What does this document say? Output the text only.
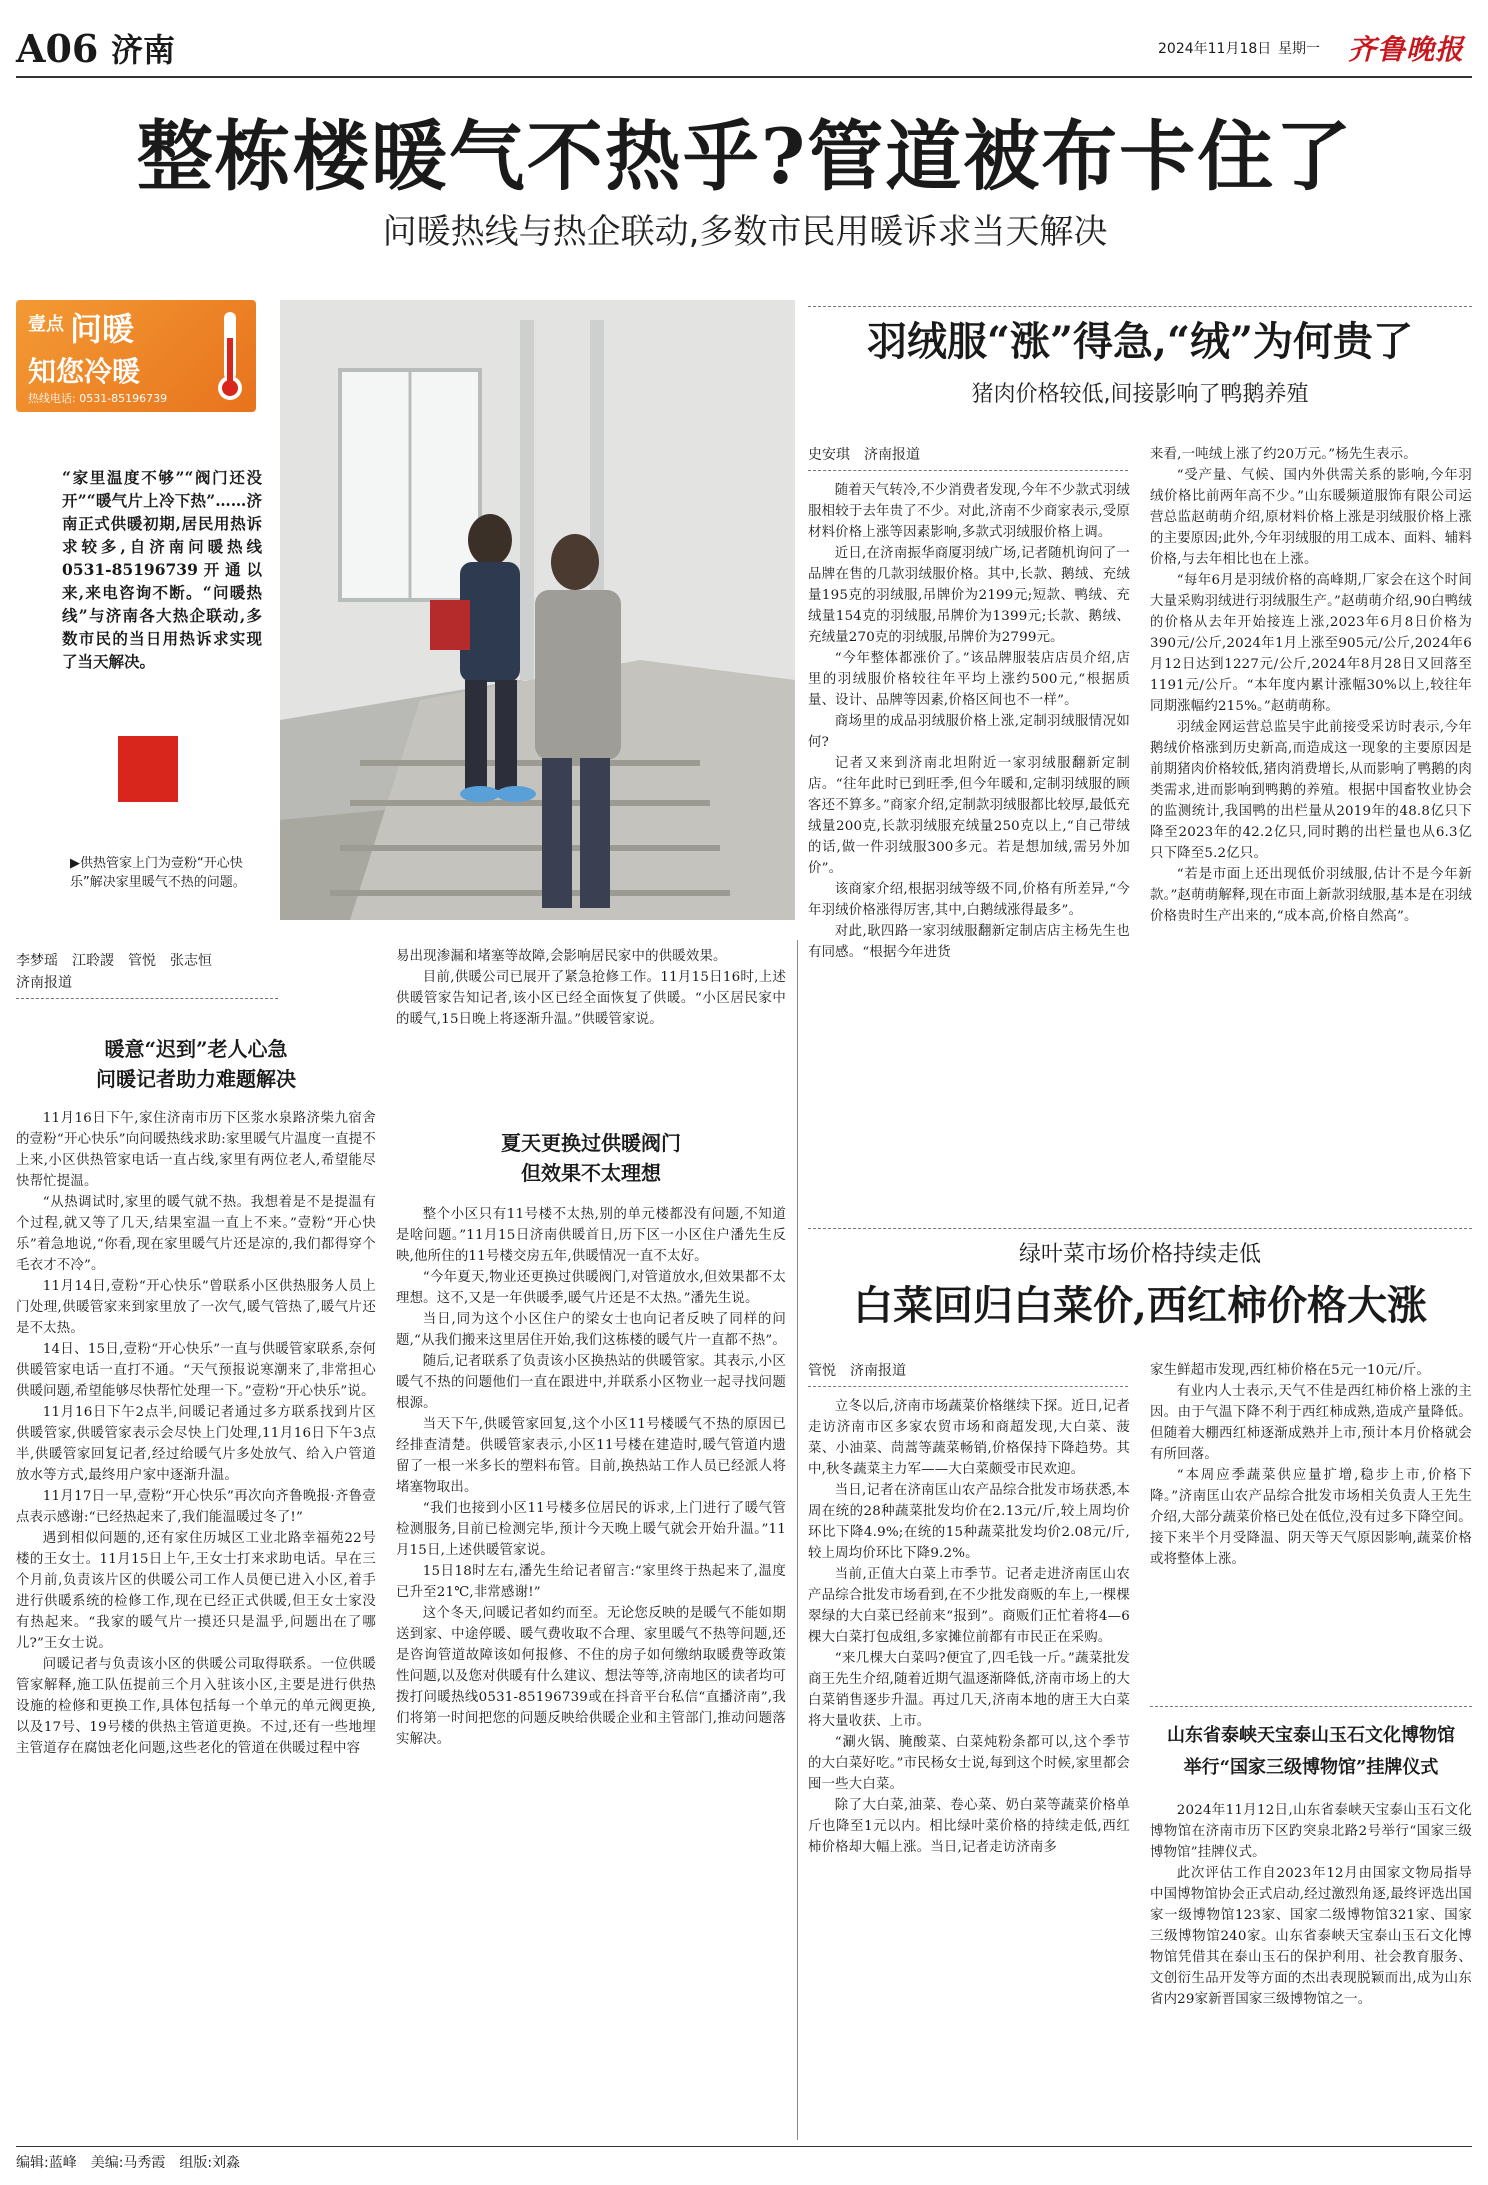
A06 济南	2024年11月18日 星期一 齐鲁晚报
整栋楼暖气不热乎?管道被布卡住了
问暖热线与热企联动,多数市民用暖诉求当天解决
壹点 问暖
知您冷暖
热线电话: 0531-85196739

“家里温度不够”“阀门还没开”“暖气片上冷下热”……济南正式供暖初期,居民用热诉求较多,自济南问暖热线0531-85196739开通以来,来电咨询不断。“问暖热线”与济南各大热企联动,多数市民的当日用热诉求实现了当天解决。

▶供热管家上门为壹粉“开心快乐”解决家里暖气不热的问题。

李梦瑶　江聆謖　管悦　张志恒
济南报道
暖意“迟到”老人心急
问暖记者助力难题解决

11月16日下午,家住济南市历下区浆水泉路济柴九宿舍的壹粉“开心快乐”向问暖热线求助:家里暖气片温度一直提不上来,小区供热管家电话一直占线,家里有两位老人,希望能尽快帮忙提温。

“从热调试时,家里的暖气就不热。我想着是不是提温有个过程,就又等了几天,结果室温一直上不来。”壹粉“开心快乐”着急地说,“你看,现在家里暖气片还是凉的,我们都得穿个毛衣才不冷”。

11月14日,壹粉“开心快乐”曾联系小区供热服务人员上门处理,供暖管家来到家里放了一次气,暖气管热了,暖气片还是不太热。

14日、15日,壹粉“开心快乐”一直与供暖管家联系,奈何供暖管家电话一直打不通。“天气预报说寒潮来了,非常担心供暖问题,希望能够尽快帮忙处理一下。”壹粉“开心快乐”说。

11月16日下午2点半,问暖记者通过多方联系找到片区供暖管家,供暖管家表示会尽快上门处理,11月16日下午3点半,供暖管家回复记者,经过给暖气片多处放气、给入户管道放水等方式,最终用户家中逐渐升温。

11月17日一早,壹粉“开心快乐”再次向齐鲁晚报·齐鲁壹点表示感谢:“已经热起来了,我们能温暖过冬了!”

遇到相似问题的,还有家住历城区工业北路幸福苑22号楼的王女士。11月15日上午,王女士打来求助电话。早在三个月前,负责该片区的供暖公司工作人员便已进入小区,着手进行供暖系统的检修工作,现在已经正式供暖,但王女士家没有热起来。“我家的暖气片一摸还只是温乎,问题出在了哪儿?”王女士说。

问暖记者与负责该小区的供暖公司取得联系。一位供暖管家解释,施工队伍提前三个月入驻该小区,主要是进行供热设施的检修和更换工作,具体包括每一个单元的单元阀更换,以及17号、19号楼的供热主管道更换。不过,还有一些地埋主管道存在腐蚀老化问题,这些老化的管道在供暖过程中容

易出现渗漏和堵塞等故障,会影响居民家中的供暖效果。

目前,供暖公司已展开了紧急抢修工作。11月15日16时,上述供暖管家告知记者,该小区已经全面恢复了供暖。“小区居民家中的暖气,15日晚上将逐渐升温。”供暖管家说。

夏天更换过供暖阀门
但效果不太理想

整个小区只有11号楼不太热,别的单元楼都没有问题,不知道是啥问题。”11月15日济南供暖首日,历下区一小区住户潘先生反映,他所住的11号楼交房五年,供暖情况一直不太好。

“今年夏天,物业还更换过供暖阀门,对管道放水,但效果都不太理想。这不,又是一年供暖季,暖气片还是不太热。”潘先生说。

当日,同为这个小区住户的梁女士也向记者反映了同样的问题,“从我们搬来这里居住开始,我们这栋楼的暖气片一直都不热”。

随后,记者联系了负责该小区换热站的供暖管家。其表示,小区暖气不热的问题他们一直在跟进中,并联系小区物业一起寻找问题根源。

当天下午,供暖管家回复,这个小区11号楼暖气不热的原因已经排查清楚。供暖管家表示,小区11号楼在建造时,暖气管道内遗留了一根一米多长的塑料布管。目前,换热站工作人员已经派人将堵塞物取出。

“我们也接到小区11号楼多位居民的诉求,上门进行了暖气管检测服务,目前已检测完毕,预计今天晚上暖气就会开始升温。”11月15日,上述供暖管家说。

15日18时左右,潘先生给记者留言:“家里终于热起来了,温度已升至21℃,非常感谢!”

这个冬天,问暖记者如约而至。无论您反映的是暖气不能如期送到家、中途停暖、暖气费收取不合理、家里暖气不热等问题,还是咨询管道故障该如何报修、不住的房子如何缴纳取暖费等政策性问题,以及您对供暖有什么建议、想法等等,济南地区的读者均可拨打问暖热线0531-85196739或在抖音平台私信“直播济南”,我们将第一时间把您的问题反映给供暖企业和主管部门,推动问题落实解决。

羽绒服“涨”得急,“绒”为何贵了
猪肉价格较低,间接影响了鸭鹅养殖
史安琪　济南报道

随着天气转冷,不少消费者发现,今年不少款式羽绒服相较于去年贵了不少。对此,济南不少商家表示,受原材料价格上涨等因素影响,多款式羽绒服价格上调。

近日,在济南振华商厦羽绒广场,记者随机询问了一品牌在售的几款羽绒服价格。其中,长款、鹅绒、充绒量195克的羽绒服,吊牌价为2199元;短款、鸭绒、充绒量154克的羽绒服,吊牌价为1399元;长款、鹅绒、充绒量270克的羽绒服,吊牌价为2799元。

“今年整体都涨价了。”该品牌服装店店员介绍,店里的羽绒服价格较往年平均上涨约500元,“根据质量、设计、品牌等因素,价格区间也不一样”。

商场里的成品羽绒服价格上涨,定制羽绒服情况如何?

记者又来到济南北坦附近一家羽绒服翻新定制店。“往年此时已到旺季,但今年暖和,定制羽绒服的顾客还不算多。”商家介绍,定制款羽绒服都比较厚,最低充绒量200克,长款羽绒服充绒量250克以上,“自己带绒的话,做一件羽绒服300多元。若是想加绒,需另外加价”。

该商家介绍,根据羽绒等级不同,价格有所差异,“今年羽绒价格涨得厉害,其中,白鹅绒涨得最多”。

对此,耿四路一家羽绒服翻新定制店店主杨先生也有同感。“根据今年进货

来看,一吨绒上涨了约20万元。”杨先生表示。

“受产量、气候、国内外供需关系的影响,今年羽绒价格比前两年高不少。”山东暖频道服饰有限公司运营总监赵萌萌介绍,原材料价格上涨是羽绒服价格上涨的主要原因;此外,今年羽绒服的用工成本、面料、辅料价格,与去年相比也在上涨。

“每年6月是羽绒价格的高峰期,厂家会在这个时间大量采购羽绒进行羽绒服生产。”赵萌萌介绍,90白鸭绒的价格从去年开始接连上涨,2023年6月8日价格为390元/公斤,2024年1月上涨至905元/公斤,2024年6月12日达到1227元/公斤,2024年8月28日又回落至1191元/公斤。“本年度内累计涨幅30%以上,较往年同期涨幅约215%。”赵萌萌称。

羽绒金网运营总监吴宇此前接受采访时表示,今年鹅绒价格涨到历史新高,而造成这一现象的主要原因是前期猪肉价格较低,猪肉消费增长,从而影响了鸭鹅的肉类需求,进而影响到鸭鹅的养殖。根据中国畜牧业协会的监测统计,我国鸭的出栏量从2019年的48.8亿只下降至2023年的42.2亿只,同时鹅的出栏量也从6.3亿只下降至5.2亿只。

“若是市面上还出现低价羽绒服,估计不是今年新款。”赵萌萌解释,现在市面上新款羽绒服,基本是在羽绒价格贵时生产出来的,“成本高,价格自然高”。

绿叶菜市场价格持续走低
白菜回归白菜价,西红柿价格大涨
管悦　济南报道

立冬以后,济南市场蔬菜价格继续下探。近日,记者走访济南市区多家农贸市场和商超发现,大白菜、菠菜、小油菜、茼蒿等蔬菜畅销,价格保持下降趋势。其中,秋冬蔬菜主力军——大白菜颇受市民欢迎。

当日,记者在济南匡山农产品综合批发市场获悉,本周在统的28种蔬菜批发均价在2.13元/斤,较上周均价环比下降4.9%;在统的15种蔬菜批发均价2.08元/斤,较上周均价环比下降9.2%。

当前,正值大白菜上市季节。记者走进济南匡山农产品综合批发市场看到,在不少批发商贩的车上,一棵棵翠绿的大白菜已经前来“报到”。商贩们正忙着将4—6棵大白菜打包成组,多家摊位前都有市民正在采购。

“来几棵大白菜吗?便宜了,四毛钱一斤。”蔬菜批发商王先生介绍,随着近期气温逐渐降低,济南市场上的大白菜销售逐步升温。再过几天,济南本地的唐王大白菜将大量收获、上市。

“涮火锅、腌酸菜、白菜炖粉条都可以,这个季节的大白菜好吃。”市民杨女士说,每到这个时候,家里都会囤一些大白菜。

除了大白菜,油菜、卷心菜、奶白菜等蔬菜价格单斤也降至1元以内。相比绿叶菜价格的持续走低,西红柿价格却大幅上涨。当日,记者走访济南多

家生鲜超市发现,西红柿价格在5元一10元/斤。

有业内人士表示,天气不佳是西红柿价格上涨的主因。由于气温下降不利于西红柿成熟,造成产量降低。但随着大棚西红柿逐渐成熟并上市,预计本月价格就会有所回落。

“本周应季蔬菜供应量扩增,稳步上市,价格下降。”济南匡山农产品综合批发市场相关负责人王先生介绍,大部分蔬菜价格已处在低位,没有过多下降空间。接下来半个月受降温、阴天等天气原因影响,蔬菜价格或将整体上涨。

山东省泰峡天宝泰山玉石文化博物馆
举行“国家三级博物馆”挂牌仪式

2024年11月12日,山东省泰峡天宝泰山玉石文化博物馆在济南市历下区趵突泉北路2号举行“国家三级博物馆”挂牌仪式。

此次评估工作自2023年12月由国家文物局指导中国博物馆协会正式启动,经过激烈角逐,最终评选出国家一级博物馆123家、国家二级博物馆321家、国家三级博物馆240家。山东省泰峡天宝泰山玉石文化博物馆凭借其在泰山玉石的保护利用、社会教育服务、文创衍生品开发等方面的杰出表现脱颖而出,成为山东省内29家新晋国家三级博物馆之一。

编辑:蓝峰　美编:马秀霞　组版:刘淼
